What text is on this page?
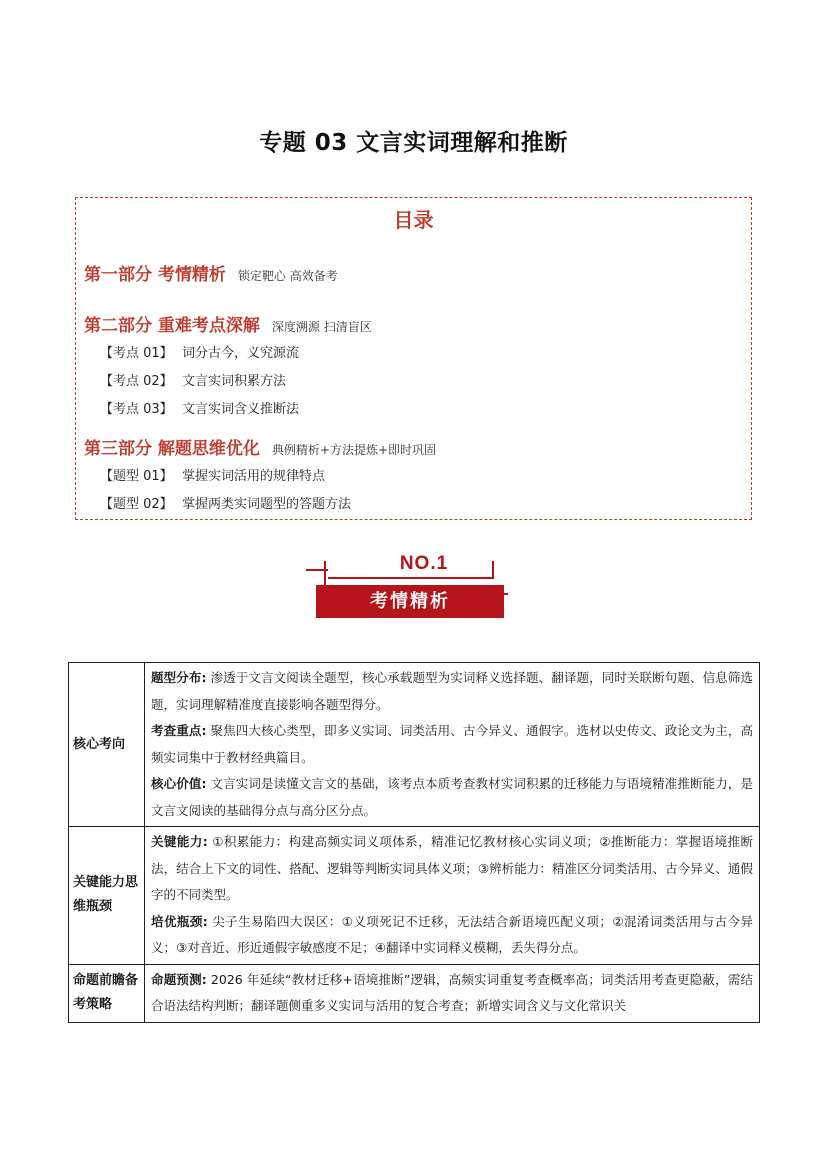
专题 03 文言实词理解和推断
目录
第一部分 考情精析 锁定靶心 高效备考
第二部分 重难考点深解 深度溯源 扫清盲区
【考点 01】 词分古今，义究源流
【考点 02】 文言实词积累方法
【考点 03】 文言实词含义推断法
第三部分 解题思维优化 典例精析+方法提炼+即时巩固
【题型 01】 掌握实词活用的规律特点
【题型 02】 掌握两类实词题型的答题方法
NO.1
考情精析
核心考向	题型分布: 渗透于文言文阅读全题型，核心承载题型为实词释义选择题、翻译题，同时关联断句题、信息筛选题，实词理解精准度直接影响各题型得分。

考查重点: 聚焦四大核心类型，即多义实词、词类活用、古今异义、通假字。选材以史传文、政论文为主，高频实词集中于教材经典篇目。

核心价值: 文言实词是读懂文言文的基础，该考点本质考查教材实词积累的迁移能力与语境精准推断能力，是文言文阅读的基础得分点与高分区分点。

关键能力思维瓶颈	关键能力: ①积累能力：构建高频实词义项体系，精准记忆教材核心实词义项；②推断能力：掌握语境推断法，结合上下文的词性、搭配、逻辑等判断实词具体义项；③辨析能力：精准区分词类活用、古今异义、通假字的不同类型。

培优瓶颈: 尖子生易陷四大误区：①义项死记不迁移，无法结合新语境匹配义项；②混淆词类活用与古今异义；③对音近、形近通假字敏感度不足；④翻译中实词释义模糊，丢失得分点。

命题前瞻备考策略	命题预测: 2026 年延续“教材迁移+语境推断”逻辑，高频实词重复考查概率高；词类活用考查更隐蔽，需结合语法结构判断；翻译题侧重多义实词与活用的复合考查；新增实词含义与文化常识关
